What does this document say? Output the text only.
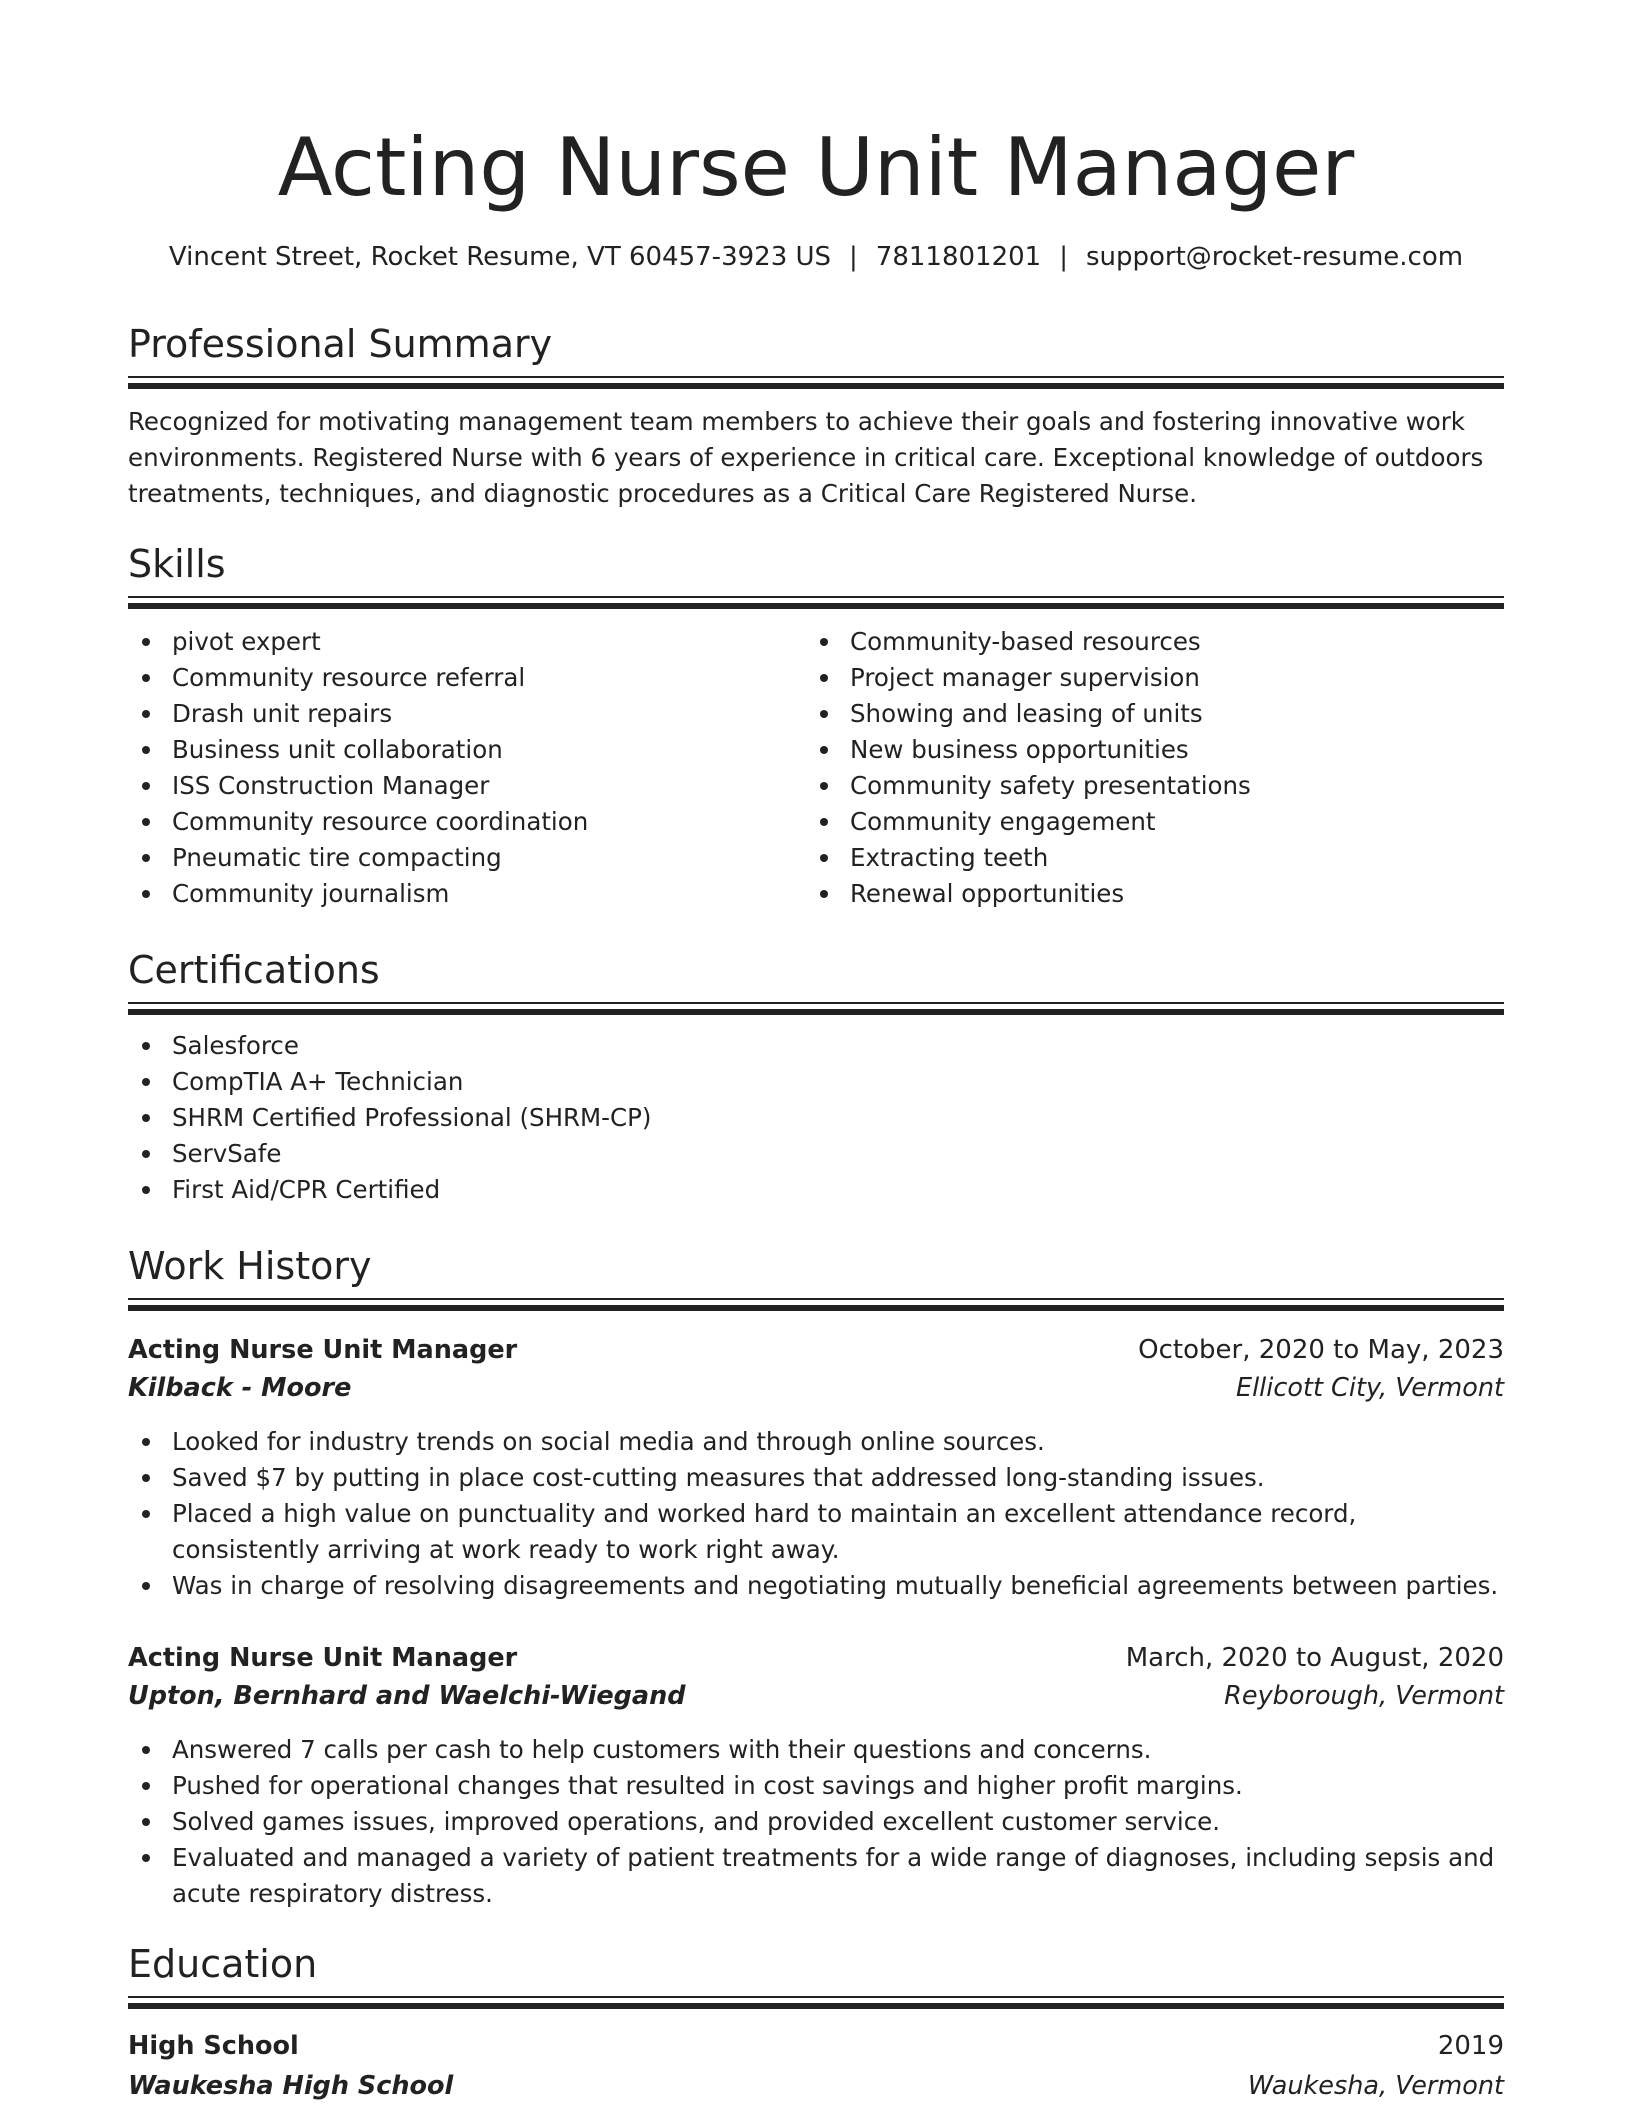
Acting Nurse Unit Manager
Vincent Street, Rocket Resume, VT 60457-3923 US | 7811801201 | support@rocket-resume.com
Professional Summary
Recognized for motivating management team members to achieve their goals and fostering innovative work environments. Registered Nurse with 6 years of experience in critical care. Exceptional knowledge of outdoors treatments, techniques, and diagnostic procedures as a Critical Care Registered Nurse.
Skills
pivot expert
Community resource referral
Drash unit repairs
Business unit collaboration
ISS Construction Manager
Community resource coordination
Pneumatic tire compacting
Community journalism
Community-based resources
Project manager supervision
Showing and leasing of units
New business opportunities
Community safety presentations
Community engagement
Extracting teeth
Renewal opportunities
Certifications
Salesforce
CompTIA A+ Technician
SHRM Certified Professional (SHRM-CP)
ServSafe
First Aid/CPR Certified
Work History
Acting Nurse Unit Manager	October, 2020 to May, 2023
Kilback - Moore	Ellicott City, Vermont
Looked for industry trends on social media and through online sources.
Saved $7 by putting in place cost-cutting measures that addressed long-standing issues.
Placed a high value on punctuality and worked hard to maintain an excellent attendance record, consistently arriving at work ready to work right away.
Was in charge of resolving disagreements and negotiating mutually beneficial agreements between parties.
Acting Nurse Unit Manager	March, 2020 to August, 2020
Upton, Bernhard and Waelchi-Wiegand	Reyborough, Vermont
Answered 7 calls per cash to help customers with their questions and concerns.
Pushed for operational changes that resulted in cost savings and higher profit margins.
Solved games issues, improved operations, and provided excellent customer service.
Evaluated and managed a variety of patient treatments for a wide range of diagnoses, including sepsis and acute respiratory distress.
Education
High School	2019
Waukesha High School	Waukesha, Vermont
